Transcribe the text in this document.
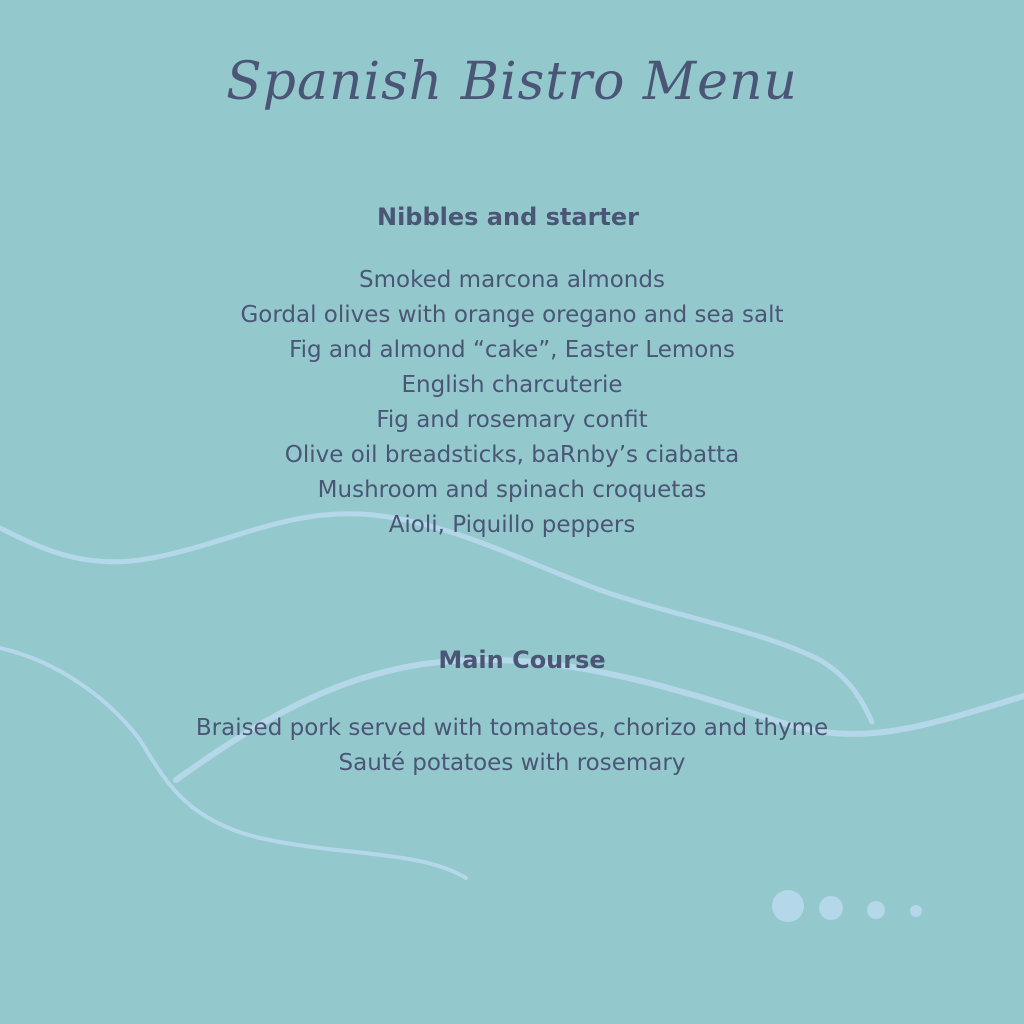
Spanish Bistro Menu
Nibbles and starter
Smoked marcona almonds
Gordal olives with orange oregano and sea salt
Fig and almond “cake”, Easter Lemons
English charcuterie
Fig and rosemary confit
Olive oil breadsticks, baRnby’s ciabatta
Mushroom and spinach croquetas
Aioli, Piquillo peppers
Main Course
Braised pork served with tomatoes, chorizo and thyme
Sauté potatoes with rosemary
